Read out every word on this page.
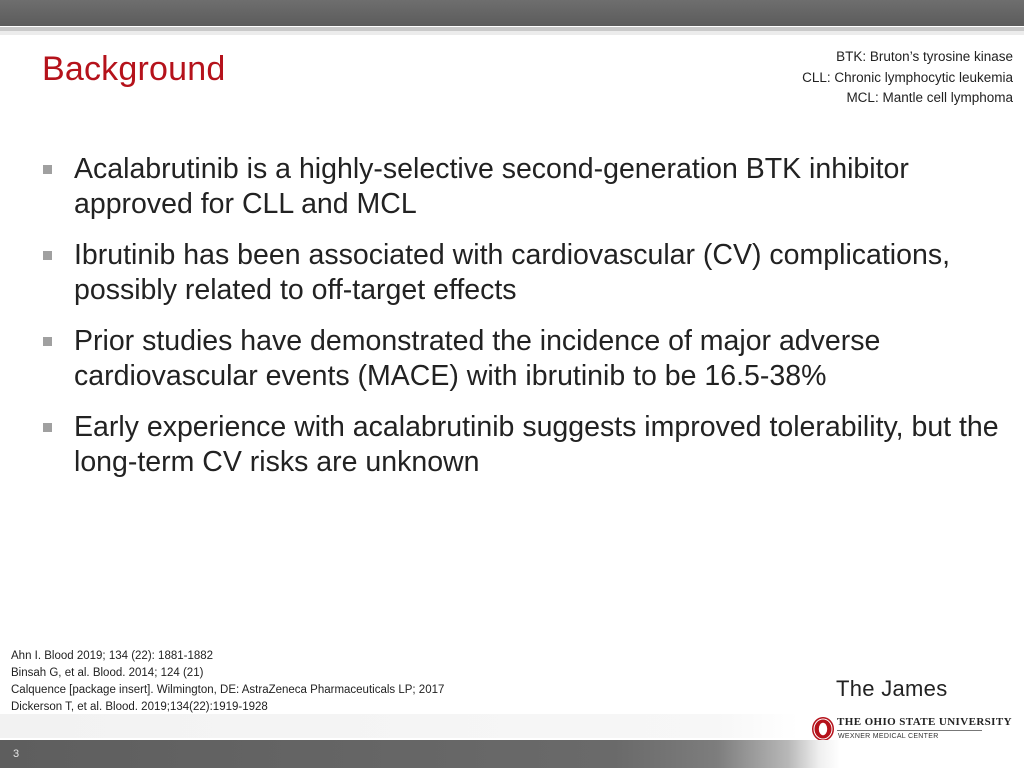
Background	BTK: Bruton’s tyrosine kinase
CLL: Chronic lymphocytic leukemia
MCL: Mantle cell lymphoma
Acalabrutinib is a highly-selective second-generation BTK inhibitor approved for CLL and MCL
Ibrutinib has been associated with cardiovascular (CV) complications, possibly related to off-target effects
Prior studies have demonstrated the incidence of major adverse cardiovascular events (MACE) with ibrutinib to be 16.5-38%
Early experience with acalabrutinib suggests improved tolerability, but the long-term CV risks are unknown
Ahn I. Blood 2019; 134 (22): 1881-1882
Binsah G, et al. Blood. 2014; 124 (21)
Calquence [package insert]. Wilmington, DE: AstraZeneca Pharmaceuticals LP; 2017
Dickerson T, et al. Blood. 2019;134(22):1919-1928
The James
THE OHIO STATE UNIVERSITY
WEXNER MEDICAL CENTER
3
